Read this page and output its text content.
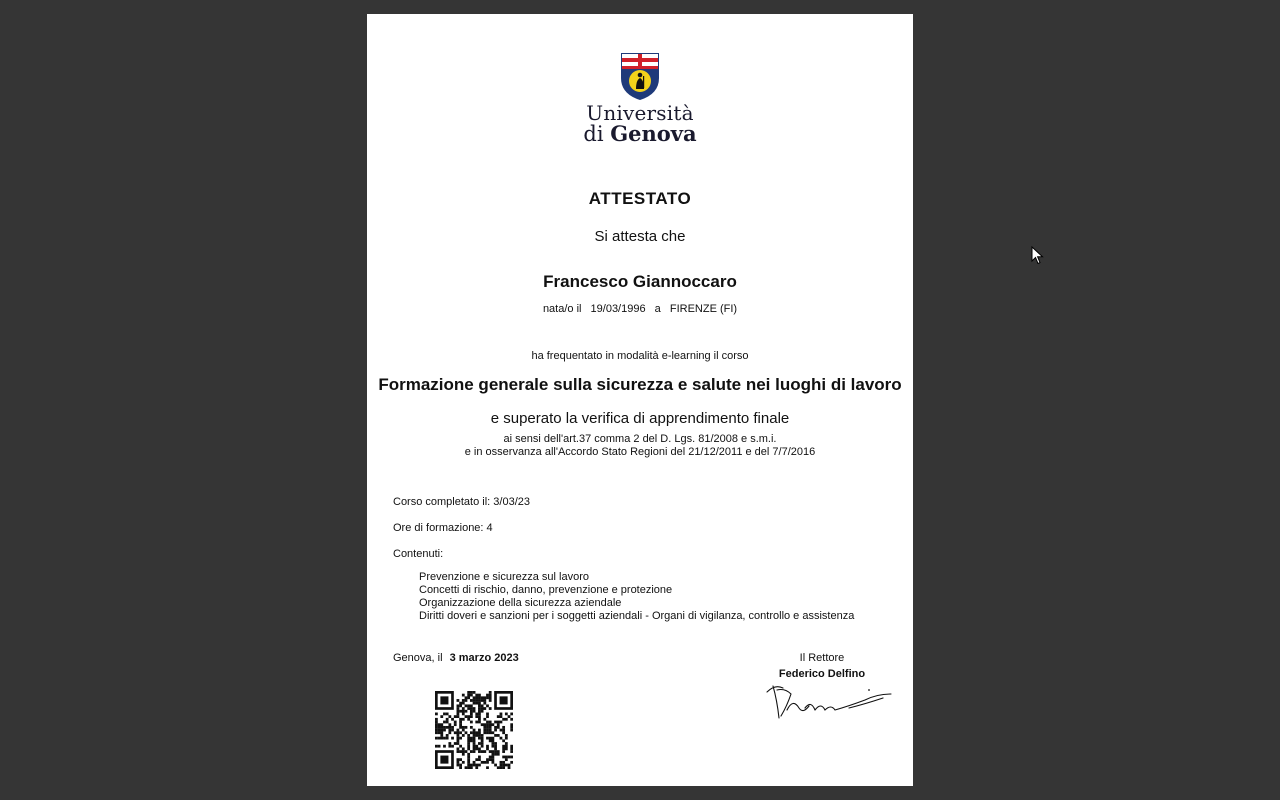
Università
di Genova
ATTESTATO
Si attesta che
Francesco Giannoccaro
nata/o il 19/03/1996 a FIRENZE (FI)
ha frequentato in modalità e-learning il corso
Formazione generale sulla sicurezza e salute nei luoghi di lavoro
e superato la verifica di apprendimento finale
ai sensi dell'art.37 comma 2 del D. Lgs. 81/2008 e s.m.i.
e in osservanza all'Accordo Stato Regioni del 21/12/2011 e del 7/7/2016
Corso completato il: 3/03/23
Ore di formazione: 4
Contenuti:
Prevenzione e sicurezza sul lavoro
Concetti di rischio, danno, prevenzione e protezione
Organizzazione della sicurezza aziendale
Diritti doveri e sanzioni per i soggetti aziendali - Organi di vigilanza, controllo e assistenza
Genova, il 3 marzo 2023	Il Rettore
Federico Delfino
